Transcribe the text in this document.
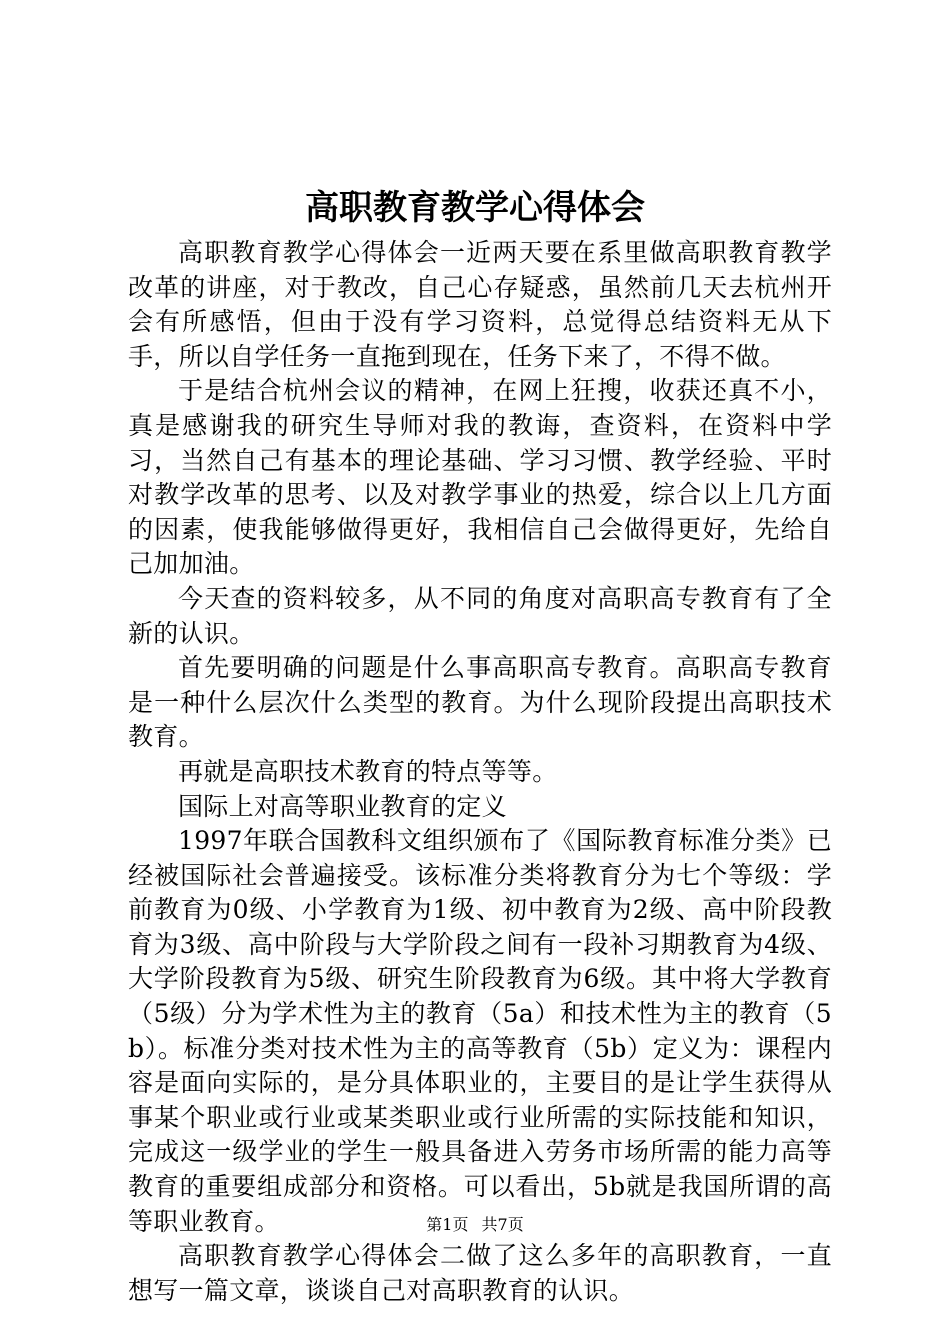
高职教育教学心得体会

高职教育教学心得体会一近两天要在系里做高职教育教学改革的讲座，对于教改，自己心存疑惑，虽然前几天去杭州开会有所感悟，但由于没有学习资料，总觉得总结资料无从下手，所以自学任务一直拖到现在，任务下来了，不得不做。

于是结合杭州会议的精神，在网上狂搜，收获还真不小，真是感谢我的研究生导师对我的教诲，查资料，在资料中学习，当然自己有基本的理论基础、学习习惯、教学经验、平时对教学改革的思考、以及对教学事业的热爱，综合以上几方面的因素，使我能够做得更好，我相信自己会做得更好，先给自己加加油。

今天查的资料较多，从不同的角度对高职高专教育有了全新的认识。

首先要明确的问题是什么事高职高专教育。高职高专教育是一种什么层次什么类型的教育。为什么现阶段提出高职技术教育。

再就是高职技术教育的特点等等。

国际上对高等职业教育的定义

1997年联合国教科文组织颁布了《国际教育标准分类》已经被国际社会普遍接受。该标准分类将教育分为七个等级：学前教育为0级、小学教育为1级、初中教育为2级、高中阶段教育为3级、高中阶段与大学阶段之间有一段补习期教育为4级、大学阶段教育为5级、研究生阶段教育为6级。其中将大学教育（5级）分为学术性为主的教育（5a）和技术性为主的教育（5b）。标准分类对技术性为主的高等教育（5b）定义为：课程内容是面向实际的，是分具体职业的，主要目的是让学生获得从事某个职业或行业或某类职业或行业所需的实际技能和知识，完成这一级学业的学生一般具备进入劳务市场所需的能力高等教育的重要组成部分和资格。可以看出，5b就是我国所谓的高等职业教育。

高职教育教学心得体会二做了这么多年的高职教育，一直想写一篇文章，谈谈自己对高职教育的认识。

第1页 共7页
